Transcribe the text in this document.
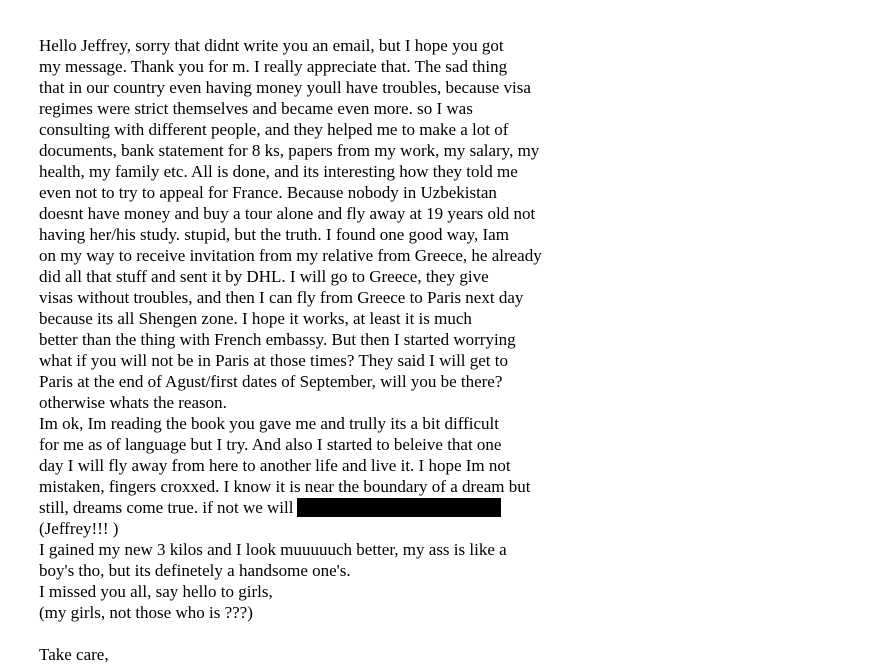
Hello Jeffrey, sorry that didnt write you an email, but I hope you got
my message. Thank you for m. I really appreciate that. The sad thing
that in our country even having money youll have troubles, because visa
regimes were strict themselves and became even more. so I was
consulting with different people, and they helped me to make a lot of
documents, bank statement for 8 ks, papers from my work, my salary, my
health, my family etc. All is done, and its interesting how they told me
even not to try to appeal for France. Because nobody in Uzbekistan
doesnt have money and buy a tour alone and fly away at 19 years old not
having her/his study. stupid, but the truth. I found one good way, Iam
on my way to receive invitation from my relative from Greece, he already
did all that stuff and sent it by DHL. I will go to Greece, they give
visas without troubles, and then I can fly from Greece to Paris next day
because its all Shengen zone. I hope it works, at least it is much
better than the thing with French embassy. But then I started worrying
what if you will not be in Paris at those times? They said I will get to
Paris at the end of Agust/first dates of September, will you be there?
otherwise whats the reason.
Im ok, Im reading the book you gave me and trully its a bit difficult
for me as of language but I try. And also I started to beleive that one
day I will fly away from here to another life and live it. I hope Im not
mistaken, fingers croxxed. I know it is near the boundary of a dream but
still, dreams come true. if not we will
(Jeffrey!!! )
I gained my new 3 kilos and I look muuuuuch better, my ass is like a
boy's tho, but its definetely a handsome one's.
I missed you all, say hello to girls,
(my girls, not those who is ???)
Take care,
